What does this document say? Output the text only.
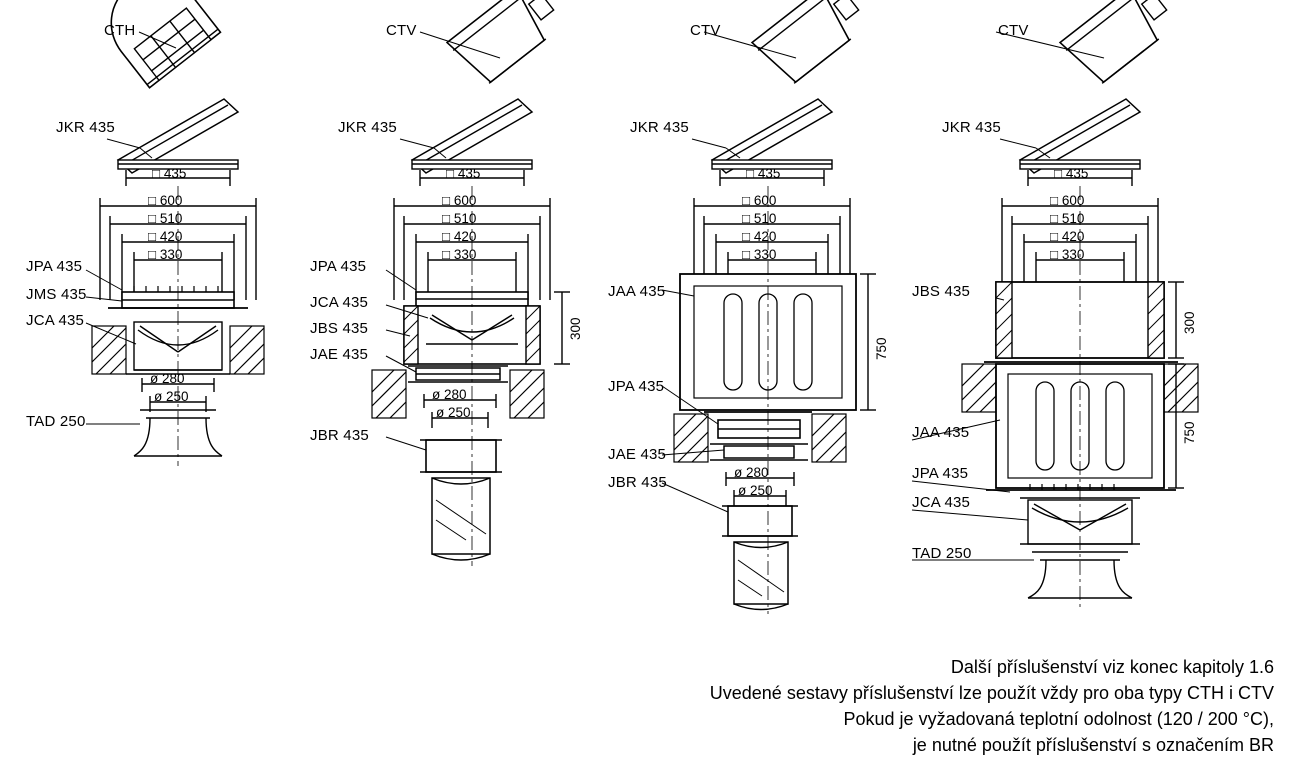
CTH
JKR 435
JPA 435
JMS 435
JCA 435
TAD 250
□ 435
□ 600
□ 510
□ 420
□ 330
ø 280
ø 250
CTV
JKR 435
JPA 435
JCA 435
JBS 435
JAE 435
JBR 435
□ 435
□ 600
□ 510
□ 420
□ 330
ø 280
ø 250
300
CTV
JKR 435
JAA 435
JPA 435
JAE 435
JBR 435
□ 435
□ 600
□ 510
□ 420
□ 330
ø 280
ø 250
750
CTV
JKR 435
JBS 435
JAA 435
JPA 435
JCA 435
TAD 250
□ 435
□ 600
□ 510
□ 420
□ 330
300
750
Další příslušenství viz konec kapitoly 1.6
Uvedené sestavy příslušenství lze použít vždy pro oba typy CTH i CTV
Pokud je vyžadovaná teplotní odolnost (120 / 200 °C),
je nutné použít příslušenství s označením BR
